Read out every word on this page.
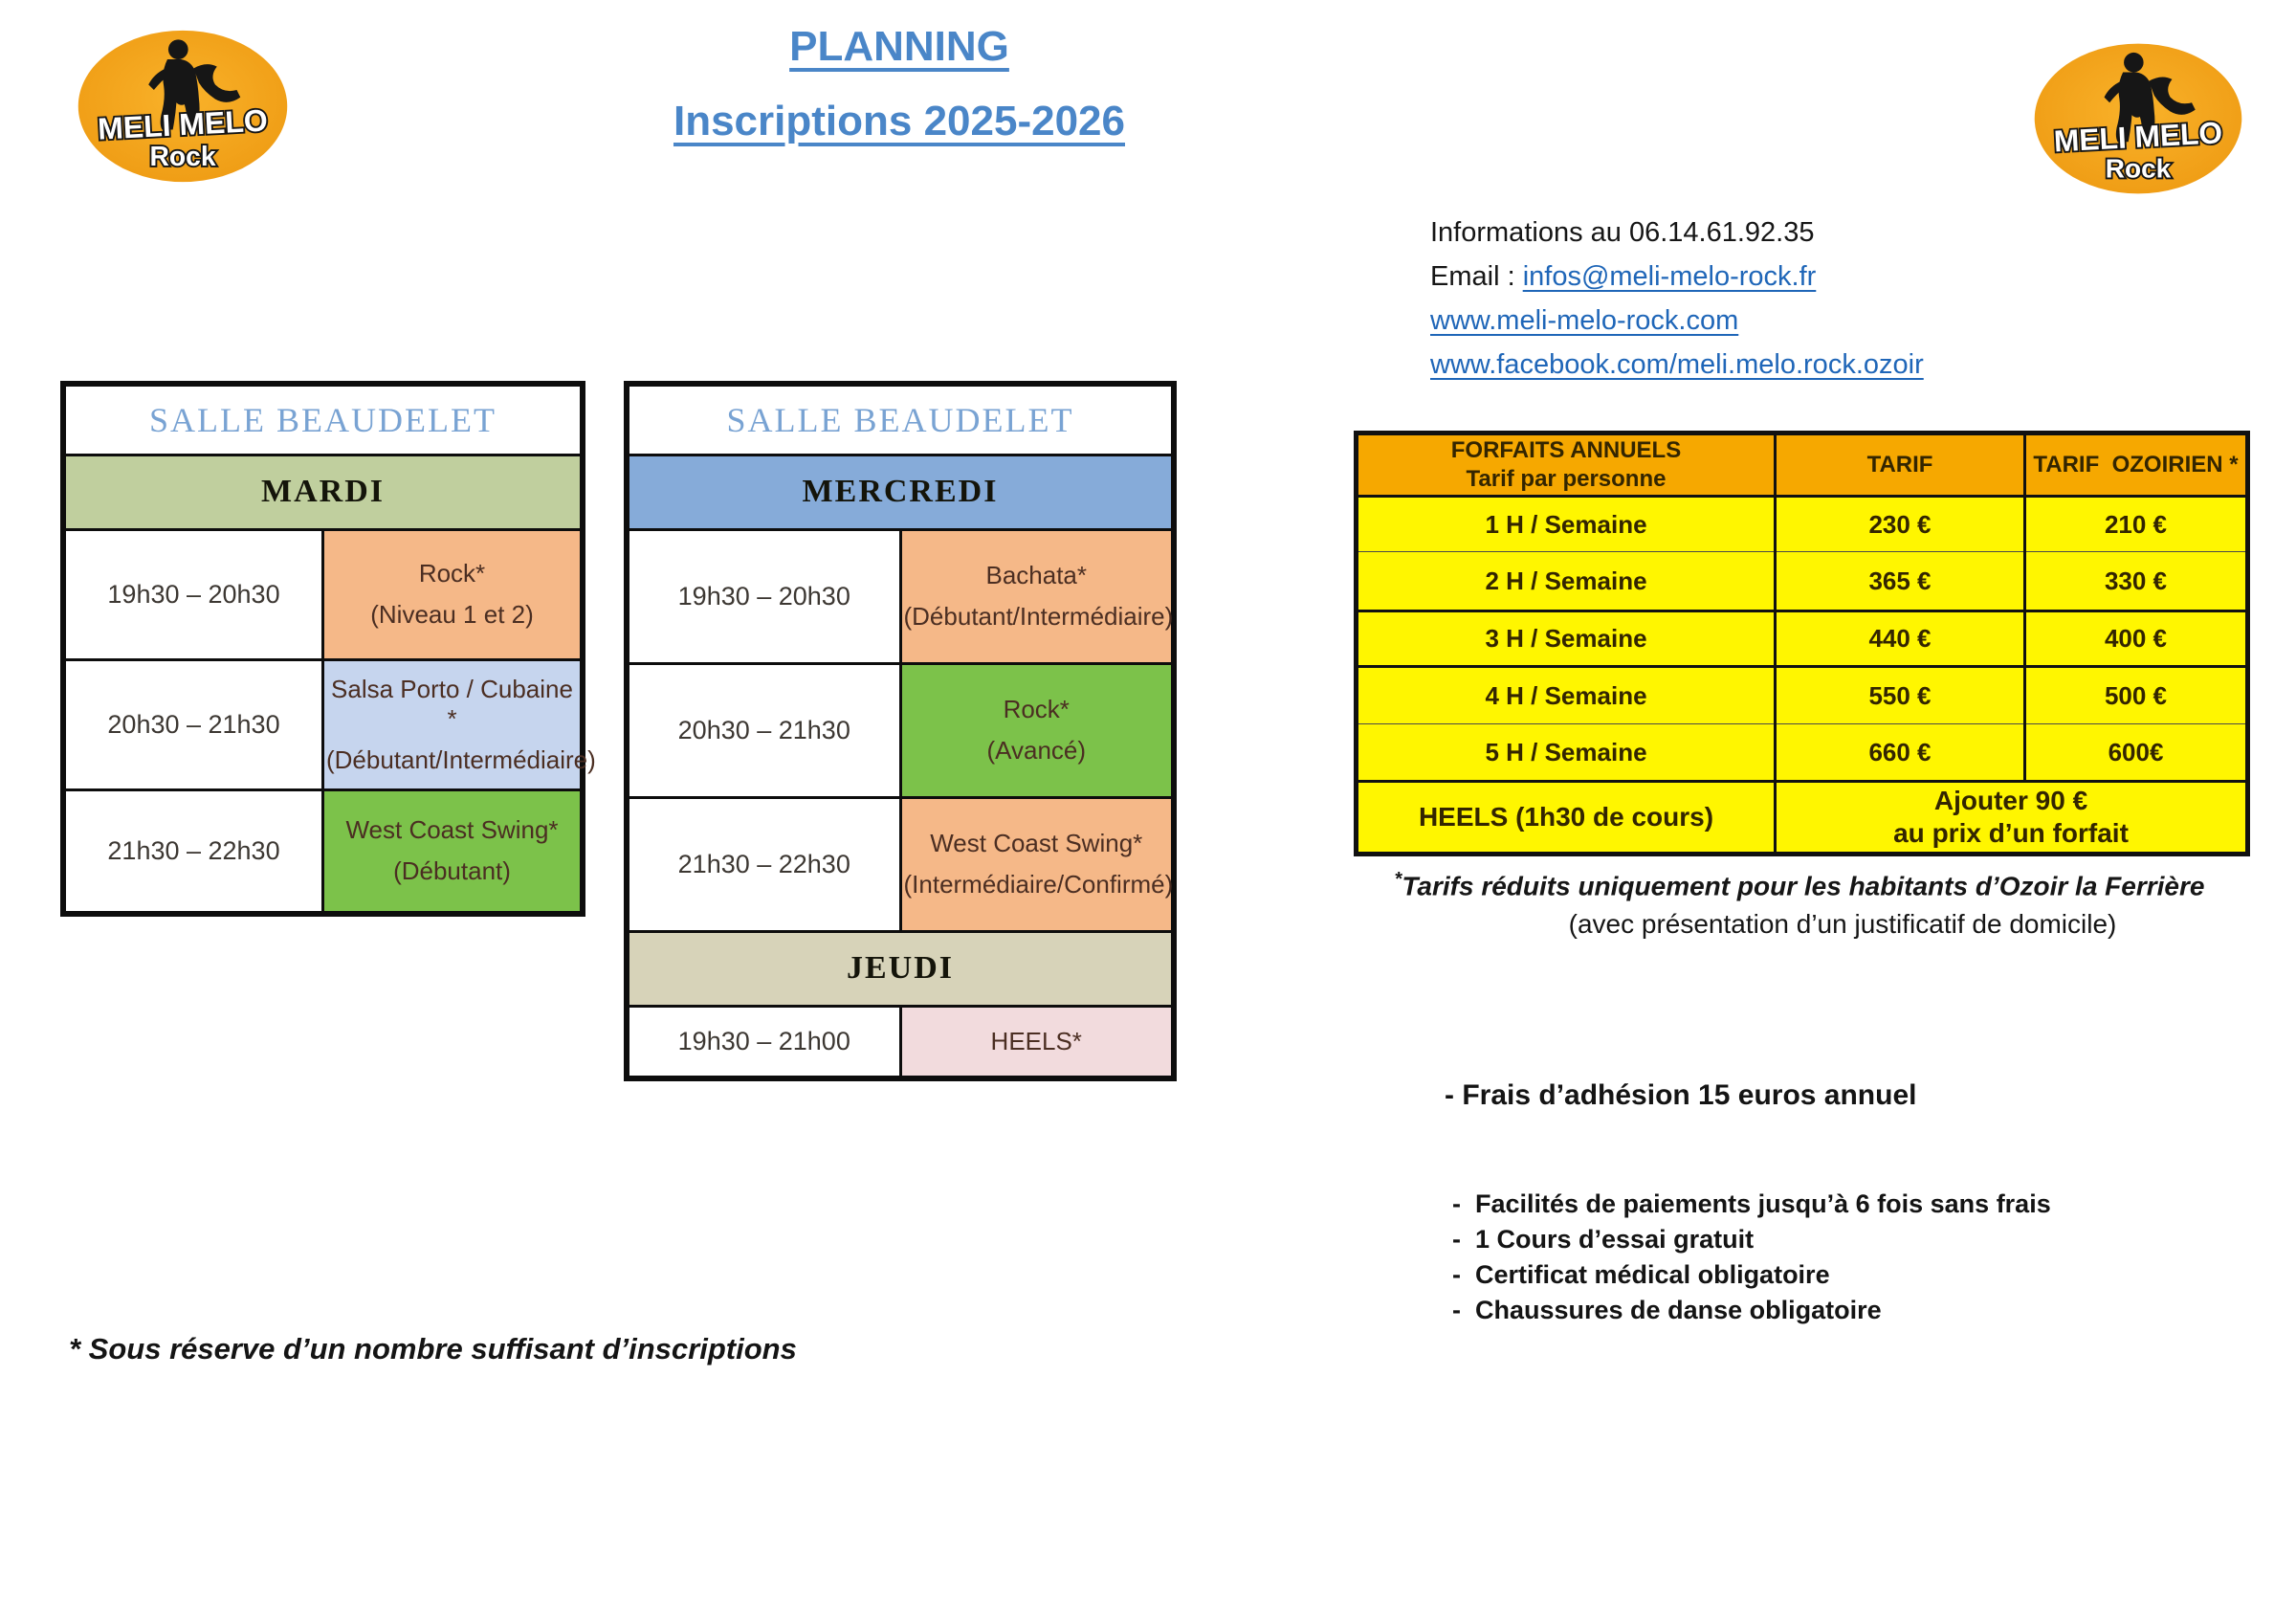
MELI MELO
Rock	MELI MELO
Rock
PLANNING
Inscriptions 2025-2026
Informations au 06.14.61.92.35
Email : infos@meli-melo-rock.fr
www.meli-melo-rock.com
www.facebook.com/meli.melo.rock.ozoir
SALLE BEAUDELET	
MARDI	
19h30 – 20h30	Rock*
(Niveau 1 et 2)

20h30 – 21h30	Salsa Porto / Cubaine *
(Débutant/Intermédiaire)

21h30 – 22h30	West Coast Swing*
(Débutant)
SALLE BEAUDELET	
MERCREDI	
19h30 – 20h30	Bachata*
(Débutant/Intermédiaire)

20h30 – 21h30	Rock*
(Avancé)

21h30 – 22h30	West Coast Swing*
(Intermédiaire/Confirmé)

JEUDI	
19h30 – 21h00	HEELS*
FORFAITS ANNUELS
Tarif par personne	TARIF	TARIF  OZOIRIEN *
1 H / Semaine	230 €	210 €
2 H / Semaine	365 €	330 €
3 H / Semaine	440 €	400 €
4 H / Semaine	550 €	500 €
5 H / Semaine	660 €	600€
HEELS (1h30 de cours)	Ajouter 90 €
au prix d’un forfait	
*Tarifs réduits uniquement pour les habitants d’Ozoir la Ferrière
(avec présentation d’un justificatif de domicile)
- Frais d’adhésion 15 euros annuel
-  Facilités de paiements jusqu’à 6 fois sans frais
-  1 Cours d’essai gratuit
-  Certificat médical obligatoire
-  Chaussures de danse obligatoire
* Sous réserve d’un nombre suffisant d’inscriptions
